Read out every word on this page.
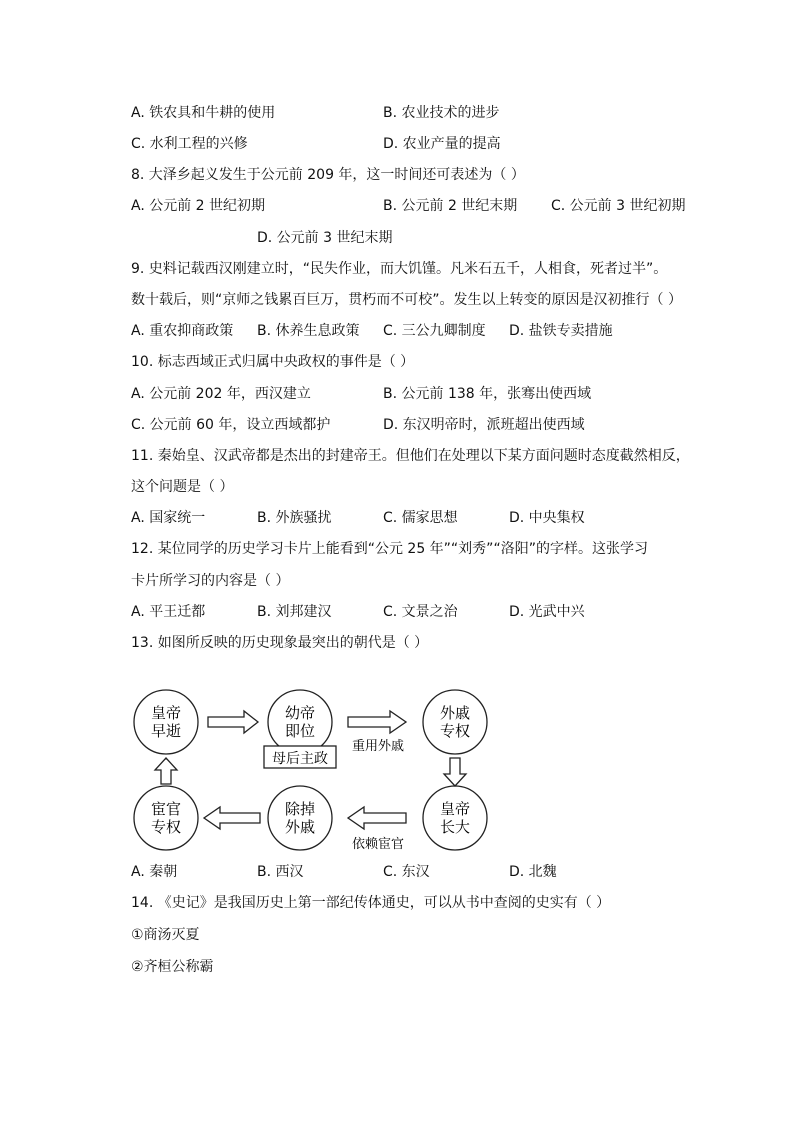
A. 铁农具和牛耕的使用	B. 农业技术的进步
C. 水利工程的兴修	D. 农业产量的提高
8. 大泽乡起义发生于公元前 209 年，这一时间还可表述为（ ）
A. 公元前 2 世纪初期	B. 公元前 2 世纪末期 C. 公元前 3 世纪初期
D. 公元前 3 世纪末期
9. 史料记载西汉刚建立时，“民失作业，而大饥馑。凡米石五千，人相食，死者过半”。
数十载后，则“京师之钱累百巨万，贯朽而不可校”。发生以上转变的原因是汉初推行（ ）
A. 重农抑商政策 B. 休养生息政策 C. 三公九卿制度 D. 盐铁专卖措施
10. 标志西域正式归属中央政权的事件是（ ）
A. 公元前 202 年，西汉建立	B. 公元前 138 年，张骞出使西域
C. 公元前 60 年，设立西域都护	D. 东汉明帝时，派班超出使西域
11. 秦始皇、汉武帝都是杰出的封建帝王。但他们在处理以下某方面问题时态度截然相反，
这个问题是（ ）
A. 国家统一	B. 外族骚扰	C. 儒家思想	D. 中央集权
12. 某位同学的历史学习卡片上能看到“公元 25 年”“刘秀”“洛阳”的字样。这张学习
卡片所学习的内容是（ ）
A. 平王迁都	B. 刘邦建汉	C. 文景之治	D. 光武中兴
13. 如图所反映的历史现象最突出的朝代是（ ）
皇帝
早逝
幼帝
即位
母后主政
外戚
专权
皇帝
长大
除掉
外戚
宦官
专权
重用外戚
依赖宦官
A. 秦朝	B. 西汉	C. 东汉	D. 北魏
14. 《史记》是我国历史上第一部纪传体通史，可以从书中查阅的史实有（ ）
①商汤灭夏
②齐桓公称霸
